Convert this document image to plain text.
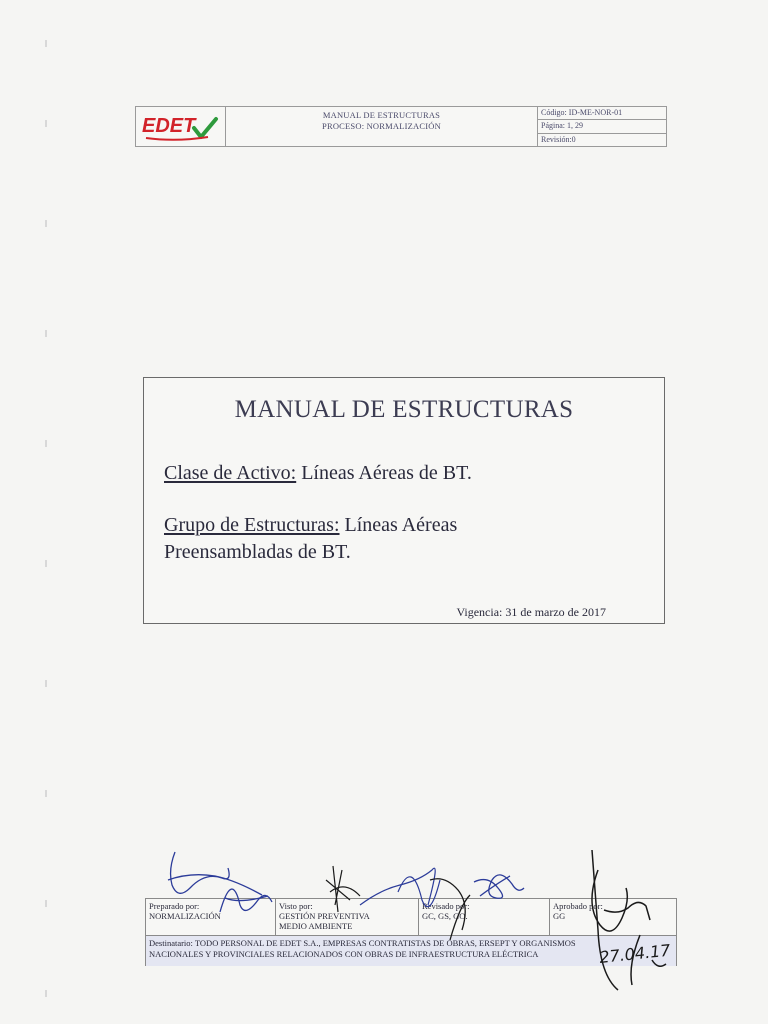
EDET	MANUAL DE ESTRUCTURAS
PROCESO: NORMALIZACIÓN
Código: ID-ME-NOR-01
Página: 1, 29
Revisión:0
MANUAL DE ESTRUCTURAS
Clase de Activo: Líneas Aéreas de BT.
Grupo de Estructuras: Líneas Aéreas
Preensambladas de BT.
Vigencia: 31 de marzo de 2017
Preparado por:
NORMALIZACIÓN
Visto por:
GESTIÓN PREVENTIVA
MEDIO AMBIENTE
Revisado por:
GC, GS, GO.
Aprobado por:
GG
Destinatario: TODO PERSONAL DE EDET S.A., EMPRESAS CONTRATISTAS DE OBRAS, ERSEPT Y ORGANISMOS
NACIONALES Y PROVINCIALES RELACIONADOS CON OBRAS DE INFRAESTRUCTURA ELÉCTRICA	27.04.17
